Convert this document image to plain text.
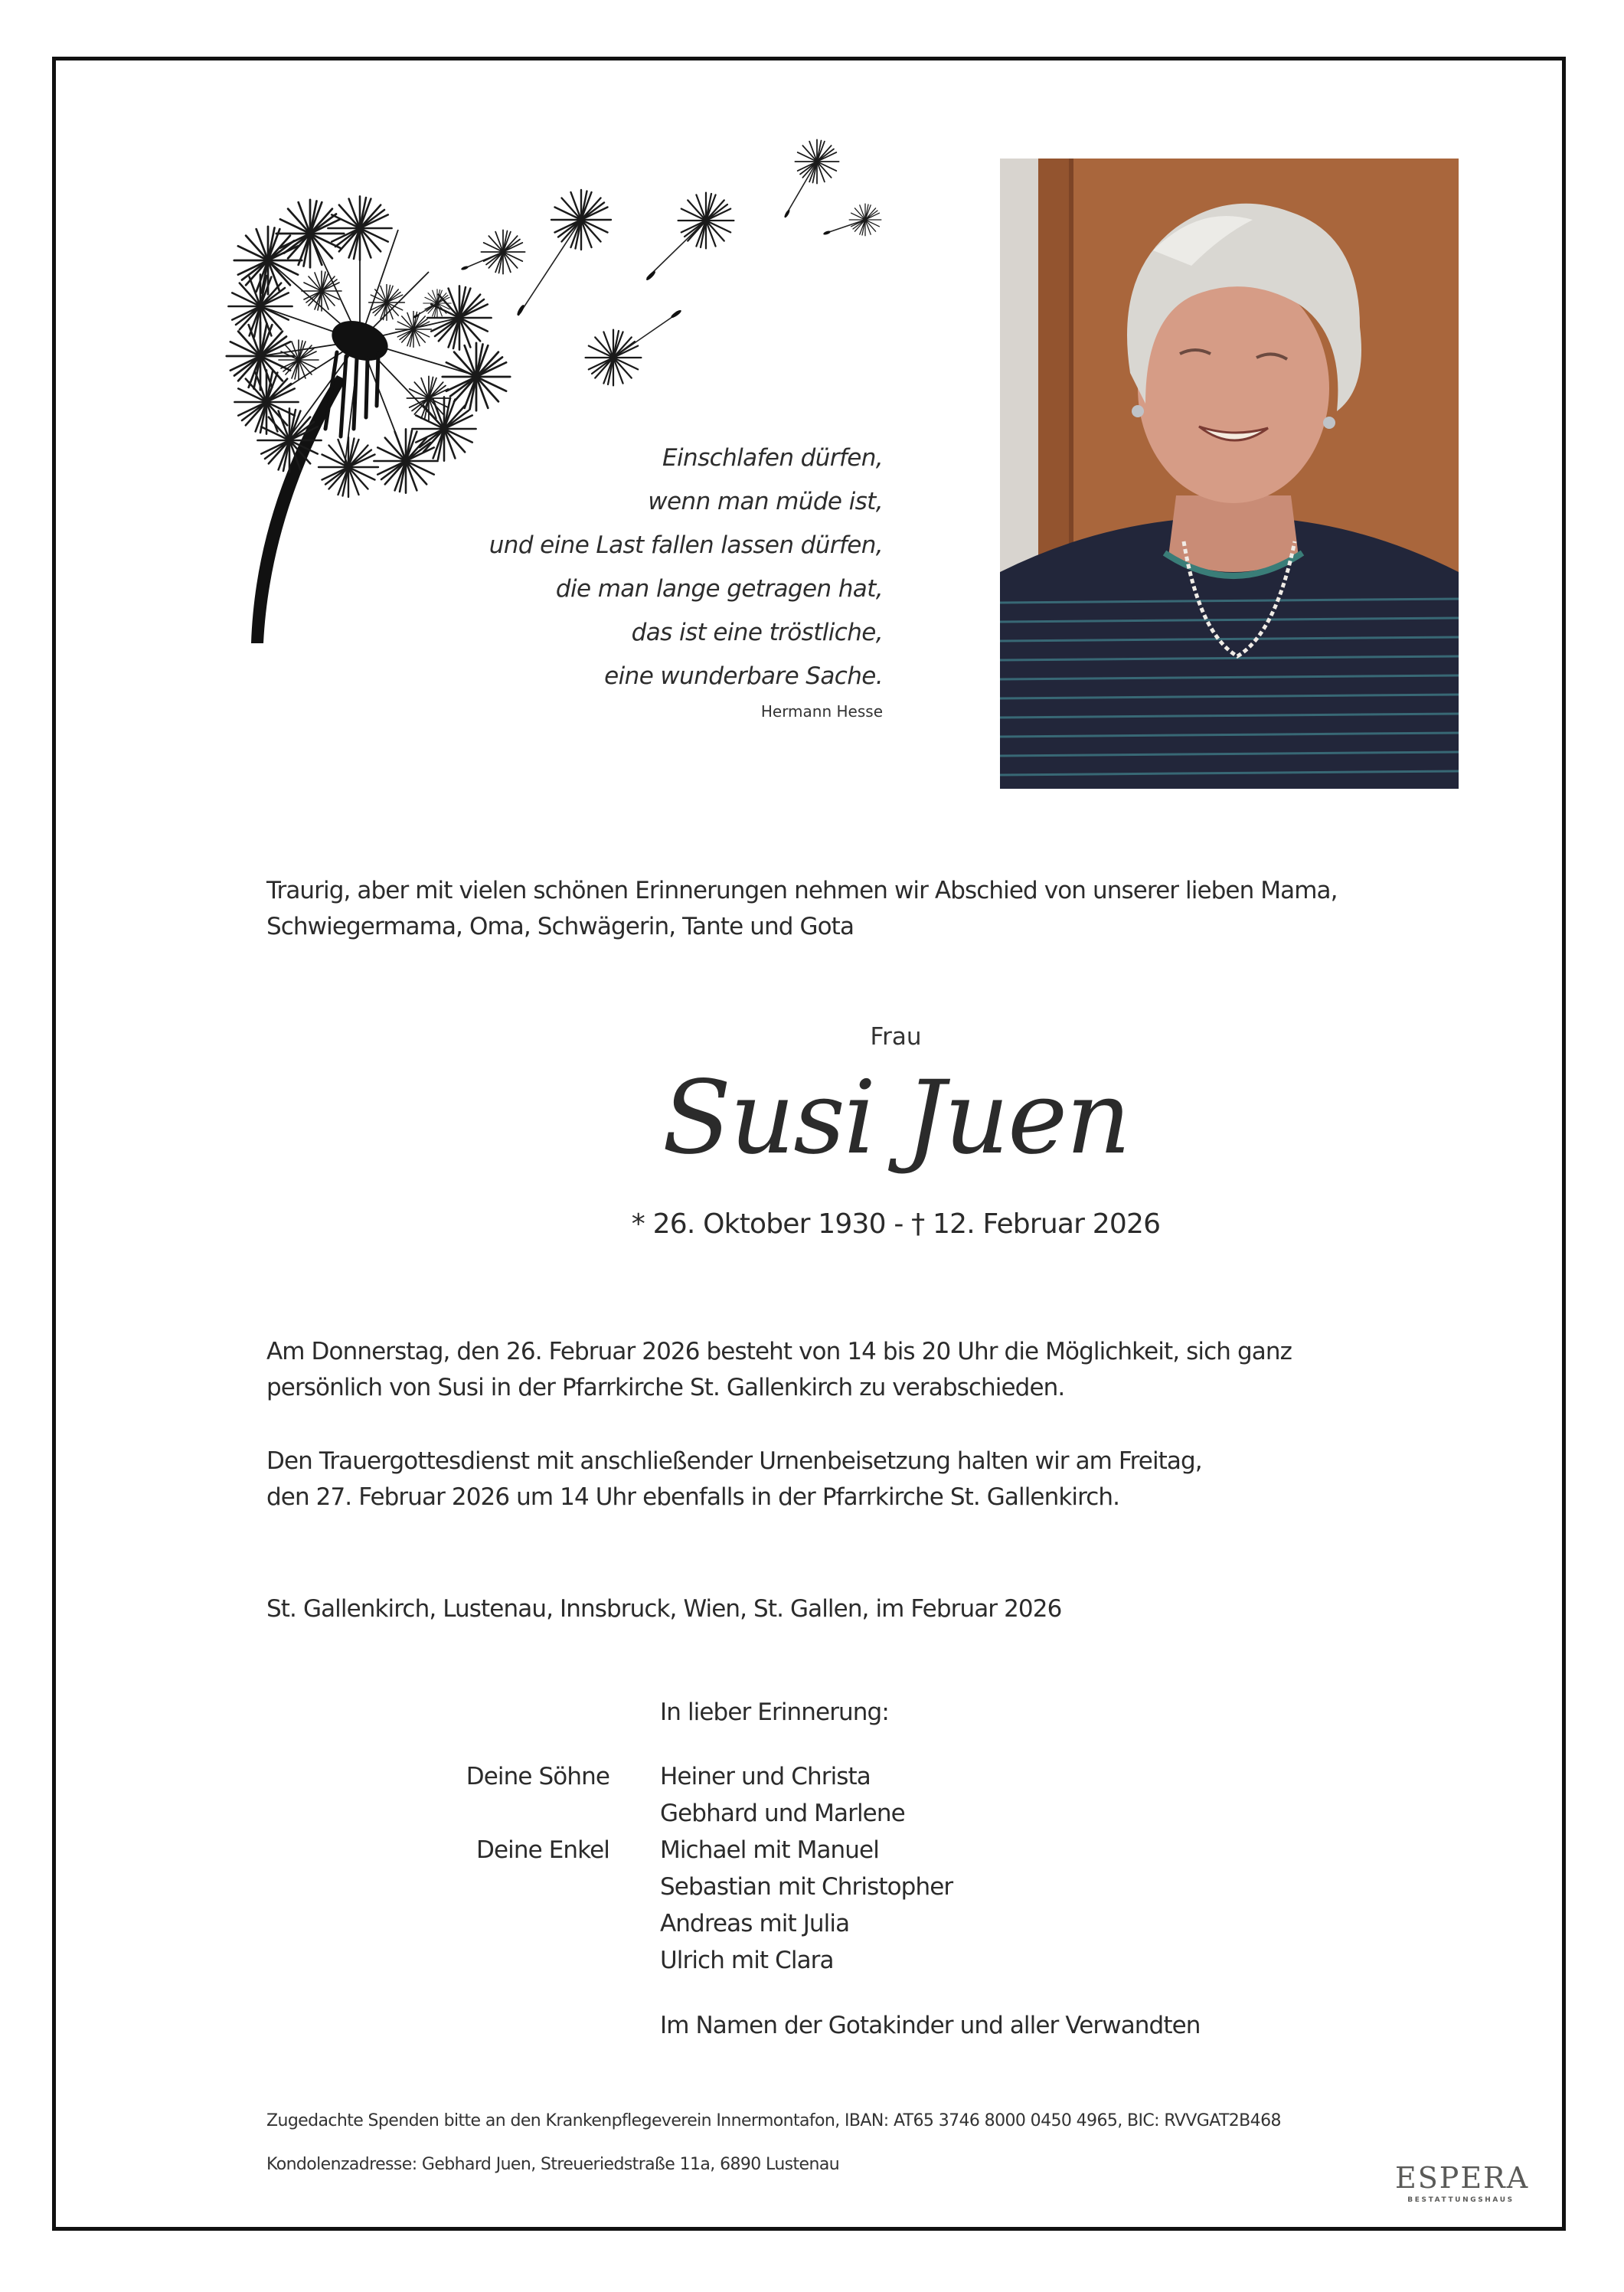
Einschlafen dürfen,
wenn man müde ist,
und eine Last fallen lassen dürfen,
die man lange getragen hat,
das ist eine tröstliche,
eine wunderbare Sache.
Hermann Hesse
Traurig, aber mit vielen schönen Erinnerungen nehmen wir Abschied von unserer lieben Mama,
Schwiegermama, Oma, Schwägerin, Tante und Gota
Frau
Susi Juen
* 26. Oktober 1930 - † 12. Februar 2026
Am Donnerstag, den 26. Februar 2026 besteht von 14 bis 20 Uhr die Möglichkeit, sich ganz
persönlich von Susi in der Pfarrkirche St. Gallenkirch zu verabschieden.
Den Trauergottesdienst mit anschließender Urnenbeisetzung halten wir am Freitag,
den 27. Februar 2026 um 14 Uhr ebenfalls in der Pfarrkirche St. Gallenkirch.
St. Gallenkirch, Lustenau, Innsbruck, Wien, St. Gallen, im Februar 2026
In lieber Erinnerung:
Deine Söhne Heiner und Christa
Gebhard und Marlene
Deine Enkel Michael mit Manuel
Sebastian mit Christopher
Andreas mit Julia
Ulrich mit Clara
Im Namen der Gotakinder und aller Verwandten
Zugedachte Spenden bitte an den Krankenpflegeverein Innermontafon, IBAN: AT65 3746 8000 0450 4965, BIC: RVVGAT2B468
Kondolenzadresse: Gebhard Juen, Streueriedstraße 11a, 6890 Lustenau	ESPERA
BESTATTUNGSHAUS
